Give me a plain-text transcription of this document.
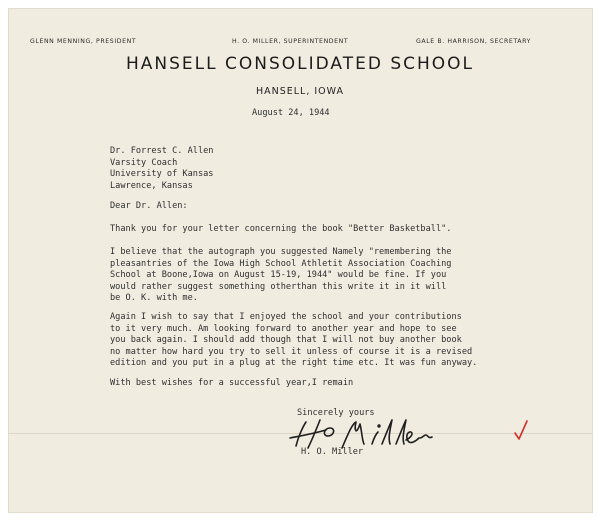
GLENN MENNING, PRESIDENT	H. O. MILLER, SUPERINTENDENT	GALE B. HARRISON, SECRETARY
HANSELL CONSOLIDATED SCHOOL
HANSELL, IOWA
August 24, 1944
Dr. Forrest C. Allen
Varsity Coach
University of Kansas
Lawrence, Kansas
Dear Dr. Allen:
Thank you for your letter concerning the book "Better Basketball".
I believe that the autograph you suggested Namely "remembering the
pleasantries of the Iowa High School Athletit Association Coaching
School at Boone,Iowa on August 15-19, 1944" would be fine. If you
would rather suggest something otherthan this write it in it will
be O. K. with me.
Again I wish to say that I enjoyed the school and your contributions
to it very much. Am looking forward to another year and hope to see
you back again. I should add though that I will not buy another book
no matter how hard you try to sell it unless of course it is a revised
edition and you put in a plug at the right time etc. It was fun anyway.
With best wishes for a successful year,I remain
Sincerely yours
H. O. Miller
